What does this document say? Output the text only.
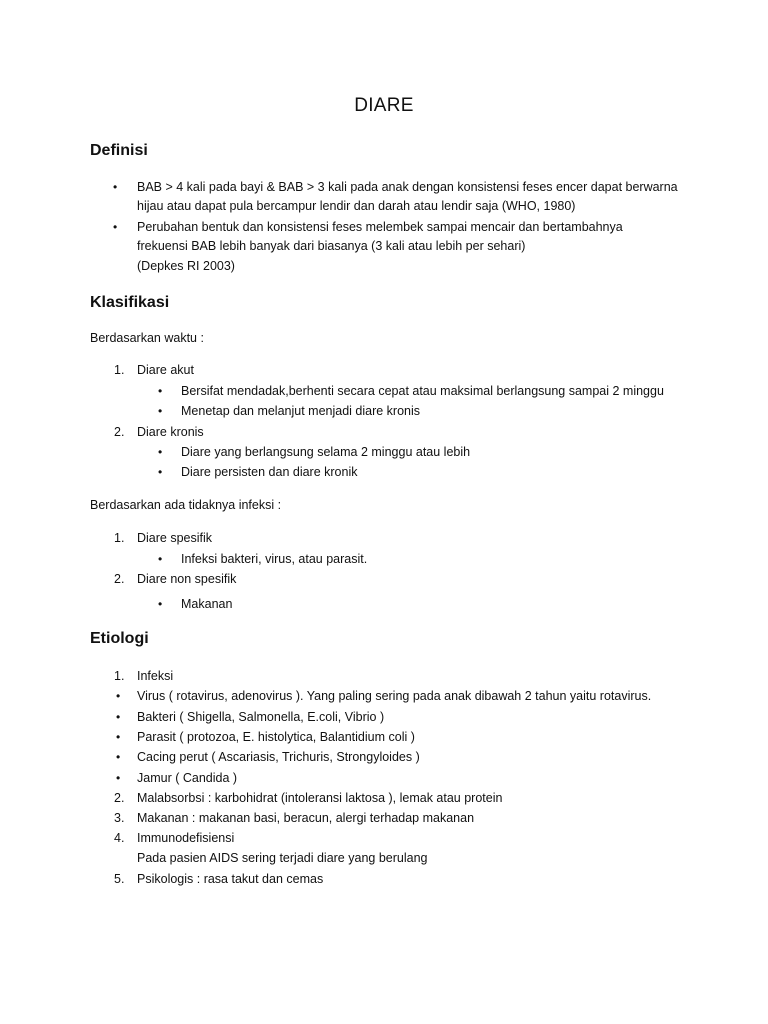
DIARE
Definisi
• BAB > 4 kali pada bayi & BAB > 3 kali pada anak dengan konsistensi feses encer dapat berwarna
hijau atau dapat pula bercampur lendir dan darah atau lendir saja (WHO, 1980)
• Perubahan bentuk dan konsistensi feses melembek sampai mencair dan bertambahnya
frekuensi BAB lebih banyak dari biasanya (3 kali atau lebih per sehari)
(Depkes RI 2003)
Klasifikasi
Berdasarkan waktu :
1. Diare akut
• Bersifat mendadak,berhenti secara cepat atau maksimal berlangsung sampai 2 minggu
• Menetap dan melanjut menjadi diare kronis
2. Diare kronis
• Diare yang berlangsung selama 2 minggu atau lebih
• Diare persisten dan diare kronik
Berdasarkan ada tidaknya infeksi :
1. Diare spesifik
• Infeksi bakteri, virus, atau parasit.
2. Diare non spesifik
• Makanan
Etiologi
1. Infeksi
• Virus ( rotavirus, adenovirus ). Yang paling sering pada anak dibawah 2 tahun yaitu rotavirus.
• Bakteri ( Shigella, Salmonella, E.coli, Vibrio )
• Parasit ( protozoa, E. histolytica, Balantidium coli )
• Cacing perut ( Ascariasis, Trichuris, Strongyloides )
• Jamur ( Candida )
2. Malabsorbsi : karbohidrat (intoleransi laktosa ), lemak atau protein
3. Makanan : makanan basi, beracun, alergi terhadap makanan
4. Immunodefisiensi
Pada pasien AIDS sering terjadi diare yang berulang
5. Psikologis : rasa takut dan cemas
